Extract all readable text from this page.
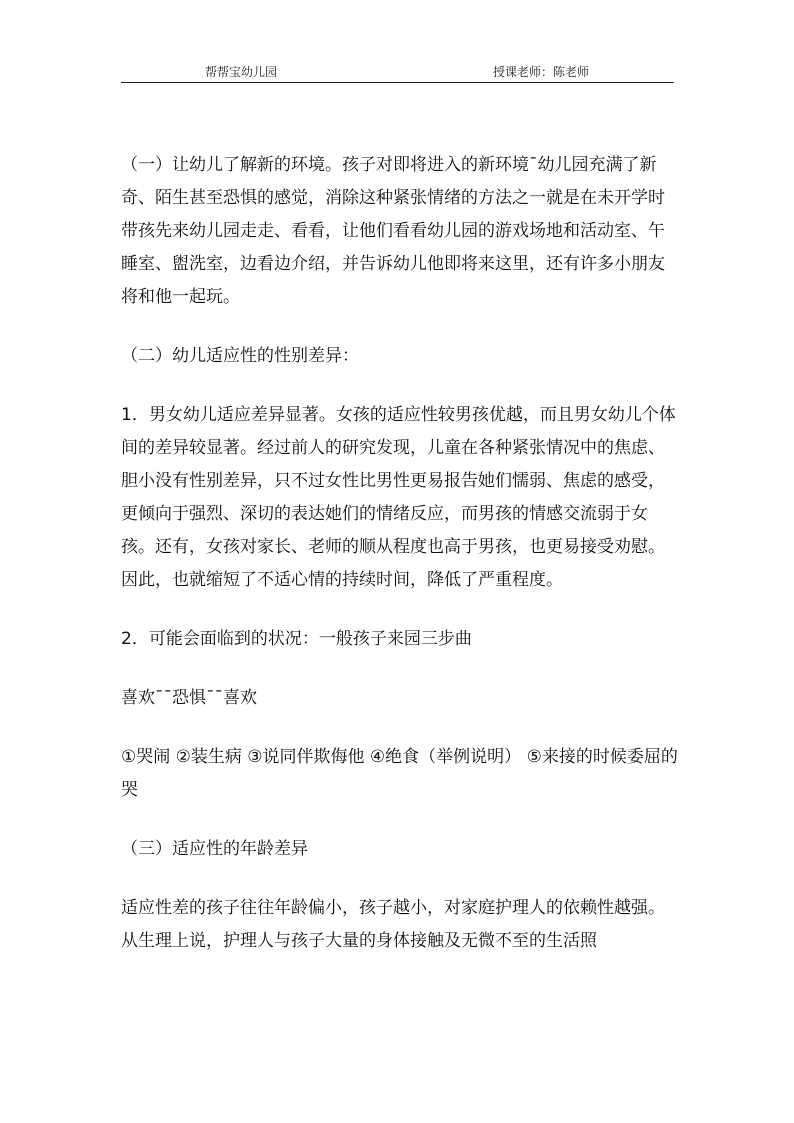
帮帮宝幼儿园	授课老师：陈老师

（一）让幼儿了解新的环境。孩子对即将进入的新环境¯幼儿园充满了新奇、陌生甚至恐惧的感觉，消除这种紧张情绪的方法之一就是在未开学时带孩先来幼儿园走走、看看，让他们看看幼儿园的游戏场地和活动室、午睡室、盥洗室，边看边介绍，并告诉幼儿他即将来这里，还有许多小朋友将和他一起玩。

（二）幼儿适应性的性别差异：

1．男女幼儿适应差异显著。女孩的适应性较男孩优越，而且男女幼儿个体间的差异较显著。经过前人的研究发现，儿童在各种紧张情况中的焦虑、胆小没有性别差异，只不过女性比男性更易报告她们懦弱、焦虑的感受，更倾向于强烈、深切的表达她们的情绪反应，而男孩的情感交流弱于女孩。还有，女孩对家长、老师的顺从程度也高于男孩，也更易接受劝慰。因此，也就缩短了不适心情的持续时间，降低了严重程度。

2．可能会面临到的状况：一般孩子来园三步曲

喜欢¯¯恐惧¯¯喜欢

①哭闹 ②装生病 ③说同伴欺侮他 ④绝食（举例说明） ⑤来接的时候委屈的哭

（三）适应性的年龄差异

适应性差的孩子往往年龄偏小，孩子越小，对家庭护理人的依赖性越强。从生理上说，护理人与孩子大量的身体接触及无微不至的生活照
